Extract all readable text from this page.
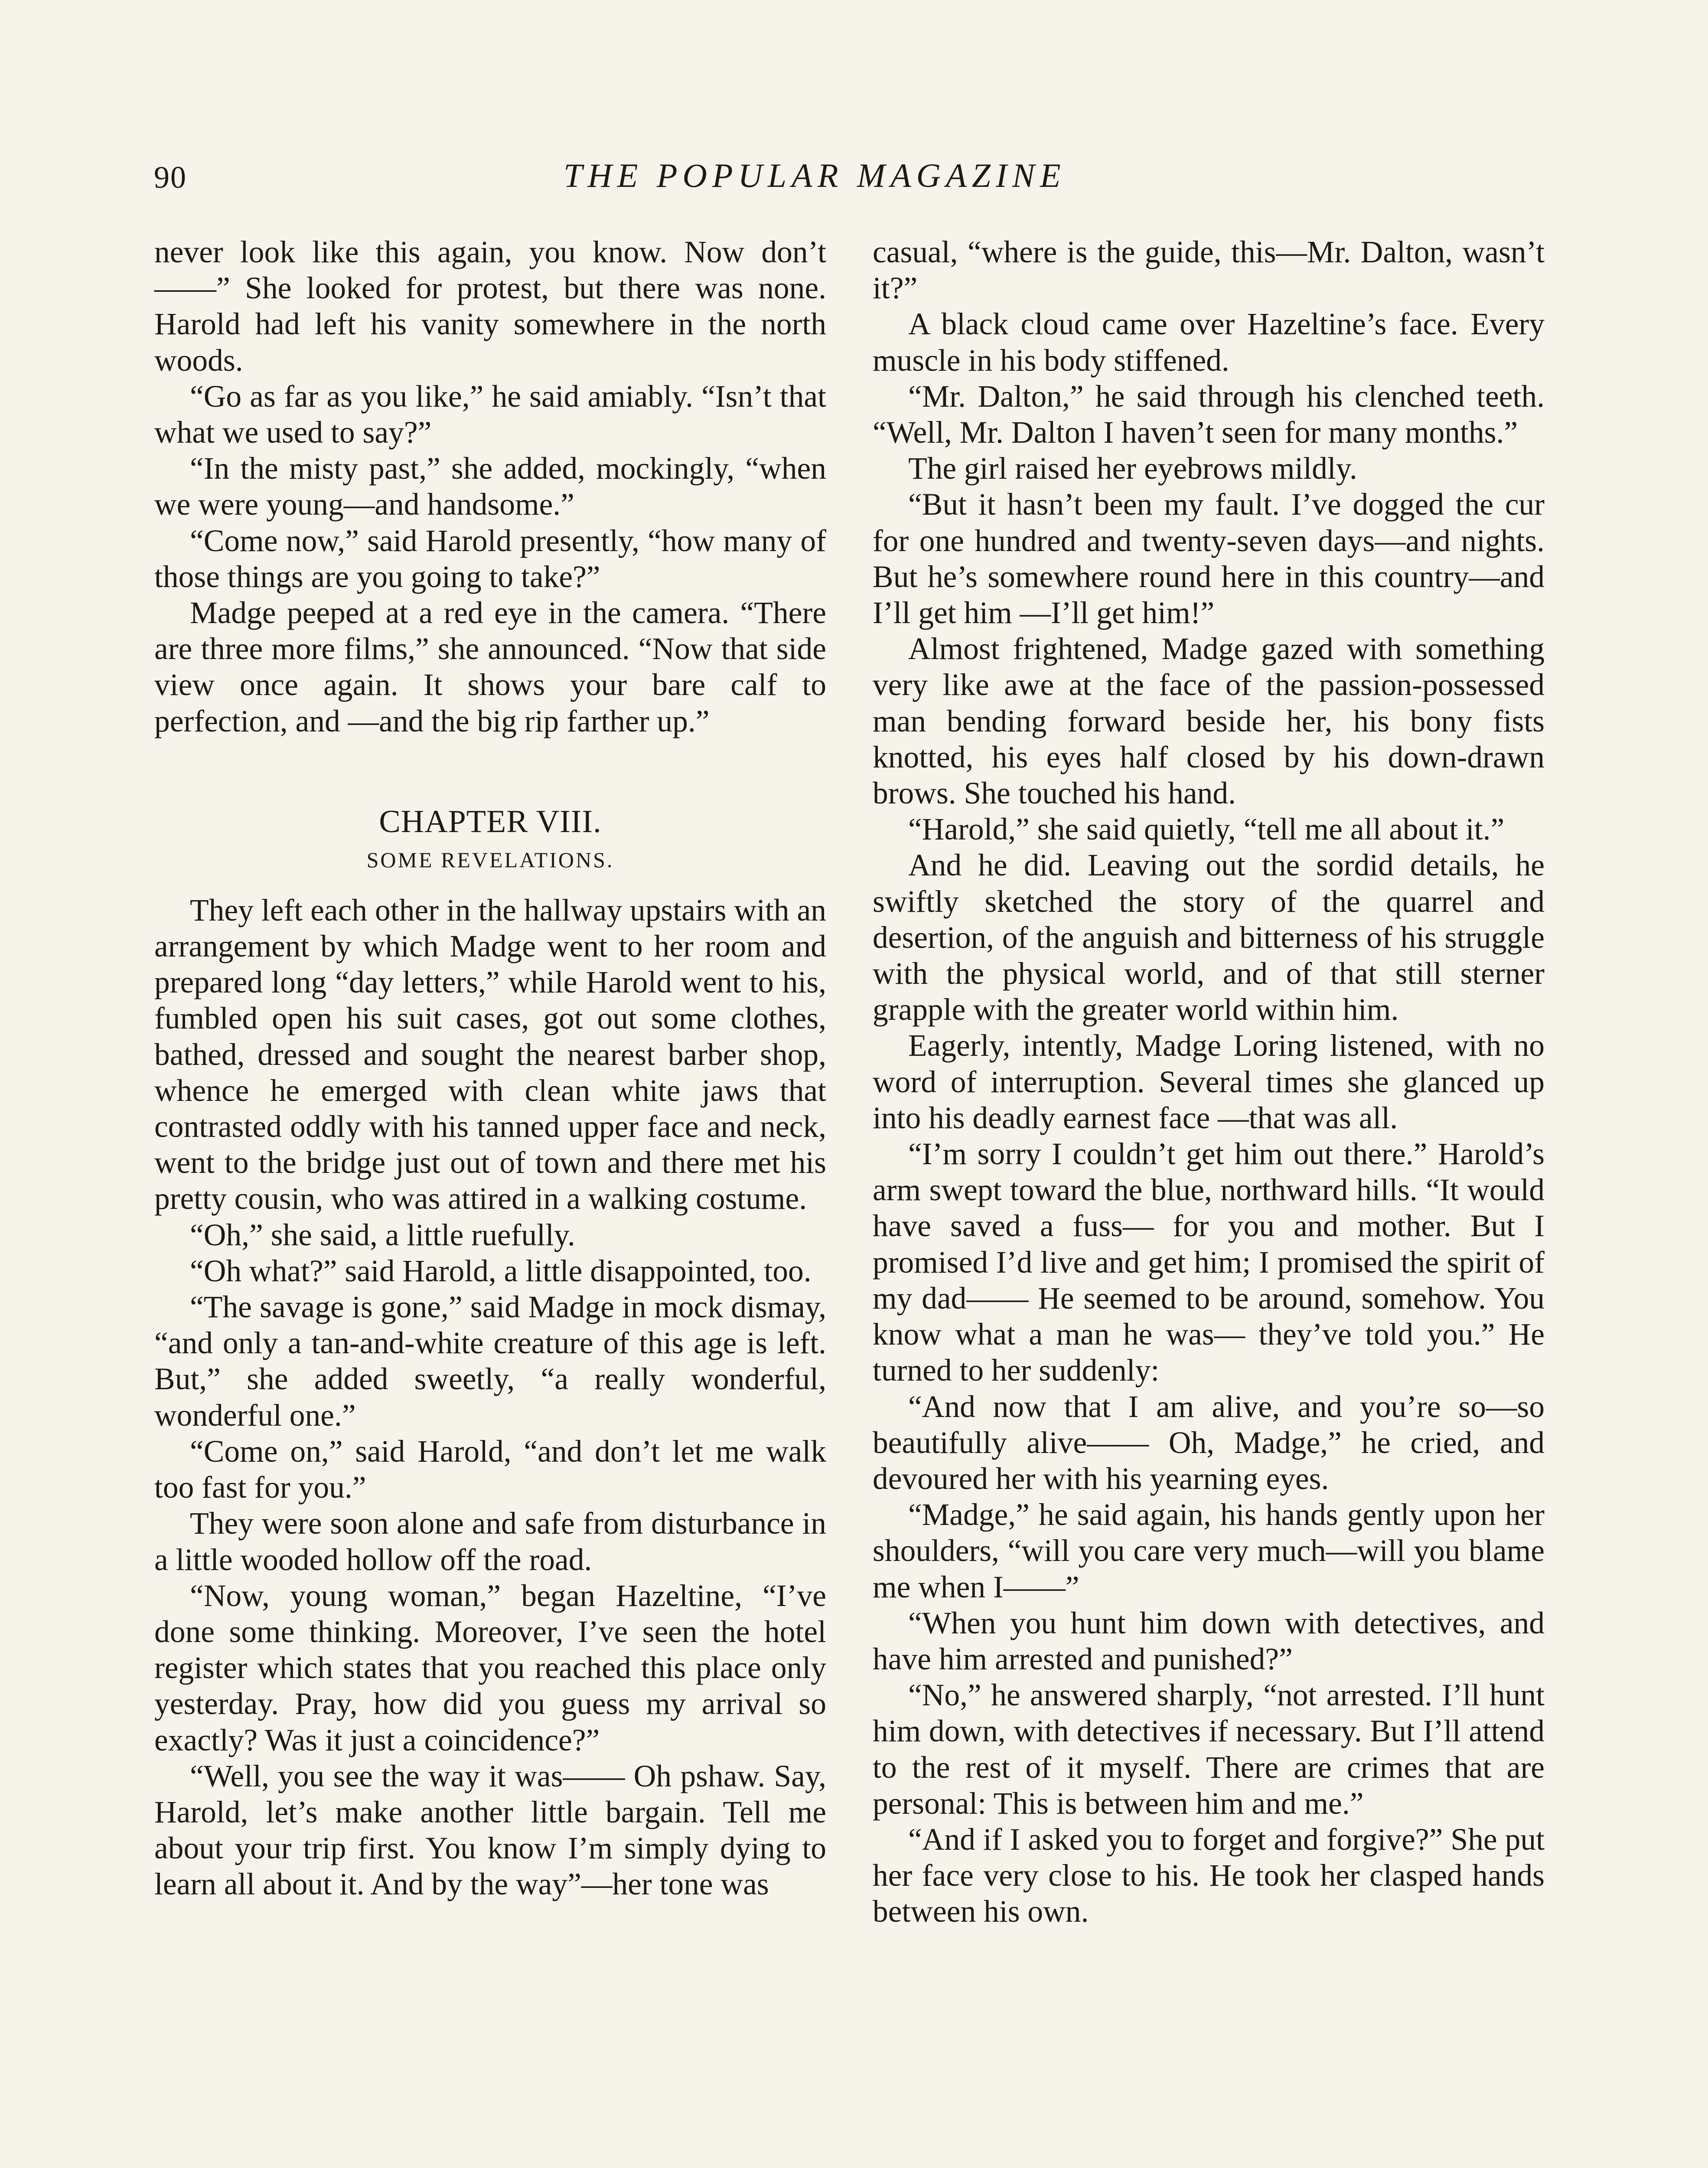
90	THE POPULAR MAGAZINE

never look like this again, you know. Now don’t——” She looked for protest, but there was none. Harold had left his vanity somewhere in the north woods.

“Go as far as you like,” he said amiably. “Isn’t that what we used to say?”

“In the misty past,” she added, mockingly, “when we were young—and handsome.”

“Come now,” said Harold presently, “how many of those things are you going to take?”

Madge peeped at a red eye in the camera. “There are three more films,” she announced. “Now that side view once again. It shows your bare calf to perfection, and —and the big rip farther up.”

CHAPTER VIII.
SOME REVELATIONS.

They left each other in the hallway upstairs with an arrangement by which Madge went to her room and prepared long “day letters,” while Harold went to his, fumbled open his suit cases, got out some clothes, bathed, dressed and sought the nearest barber shop, whence he emerged with clean white jaws that contrasted oddly with his tanned upper face and neck, went to the bridge just out of town and there met his pretty cousin, who was attired in a walking costume.

“Oh,” she said, a little ruefully.

“Oh what?” said Harold, a little disappointed, too.

“The savage is gone,” said Madge in mock dismay, “and only a tan-and-white creature of this age is left. But,” she added sweetly, “a really wonderful, wonderful one.”

“Come on,” said Harold, “and don’t let me walk too fast for you.”

They were soon alone and safe from disturbance in a little wooded hollow off the road.

“Now, young woman,” began Hazeltine, “I’ve done some thinking. Moreover, I’ve seen the hotel register which states that you reached this place only yesterday. Pray, how did you guess my arrival so exactly? Was it just a coincidence?”

“Well, you see the way it was—— Oh pshaw. Say, Harold, let’s make another little bargain. Tell me about your trip first. You know I’m simply dying to learn all about it. And by the way”—her tone was

casual, “where is the guide, this—Mr. Dalton, wasn’t it?”

A black cloud came over Hazeltine’s face. Every muscle in his body stiffened.

“Mr. Dalton,” he said through his clenched teeth. “Well, Mr. Dalton I haven’t seen for many months.”

The girl raised her eyebrows mildly.

“But it hasn’t been my fault. I’ve dogged the cur for one hundred and twenty-seven days—and nights. But he’s somewhere round here in this country—and I’ll get him —I’ll get him!”

Almost frightened, Madge gazed with something very like awe at the face of the passion-possessed man bending forward beside her, his bony fists knotted, his eyes half closed by his down-drawn brows. She touched his hand.

“Harold,” she said quietly, “tell me all about it.”

And he did. Leaving out the sordid details, he swiftly sketched the story of the quarrel and desertion, of the anguish and bitterness of his struggle with the physical world, and of that still sterner grapple with the greater world within him.

Eagerly, intently, Madge Loring listened, with no word of interruption. Several times she glanced up into his deadly earnest face —that was all.

“I’m sorry I couldn’t get him out there.” Harold’s arm swept toward the blue, northward hills. “It would have saved a fuss— for you and mother. But I promised I’d live and get him; I promised the spirit of my dad—— He seemed to be around, somehow. You know what a man he was— they’ve told you.” He turned to her suddenly:

“And now that I am alive, and you’re so—so beautifully alive—— Oh, Madge,” he cried, and devoured her with his yearning eyes.

“Madge,” he said again, his hands gently upon her shoulders, “will you care very much—will you blame me when I——”

“When you hunt him down with detectives, and have him arrested and punished?”

“No,” he answered sharply, “not arrested. I’ll hunt him down, with detectives if necessary. But I’ll attend to the rest of it myself. There are crimes that are personal: This is between him and me.”

“And if I asked you to forget and forgive?” She put her face very close to his. He took her clasped hands between his own.
